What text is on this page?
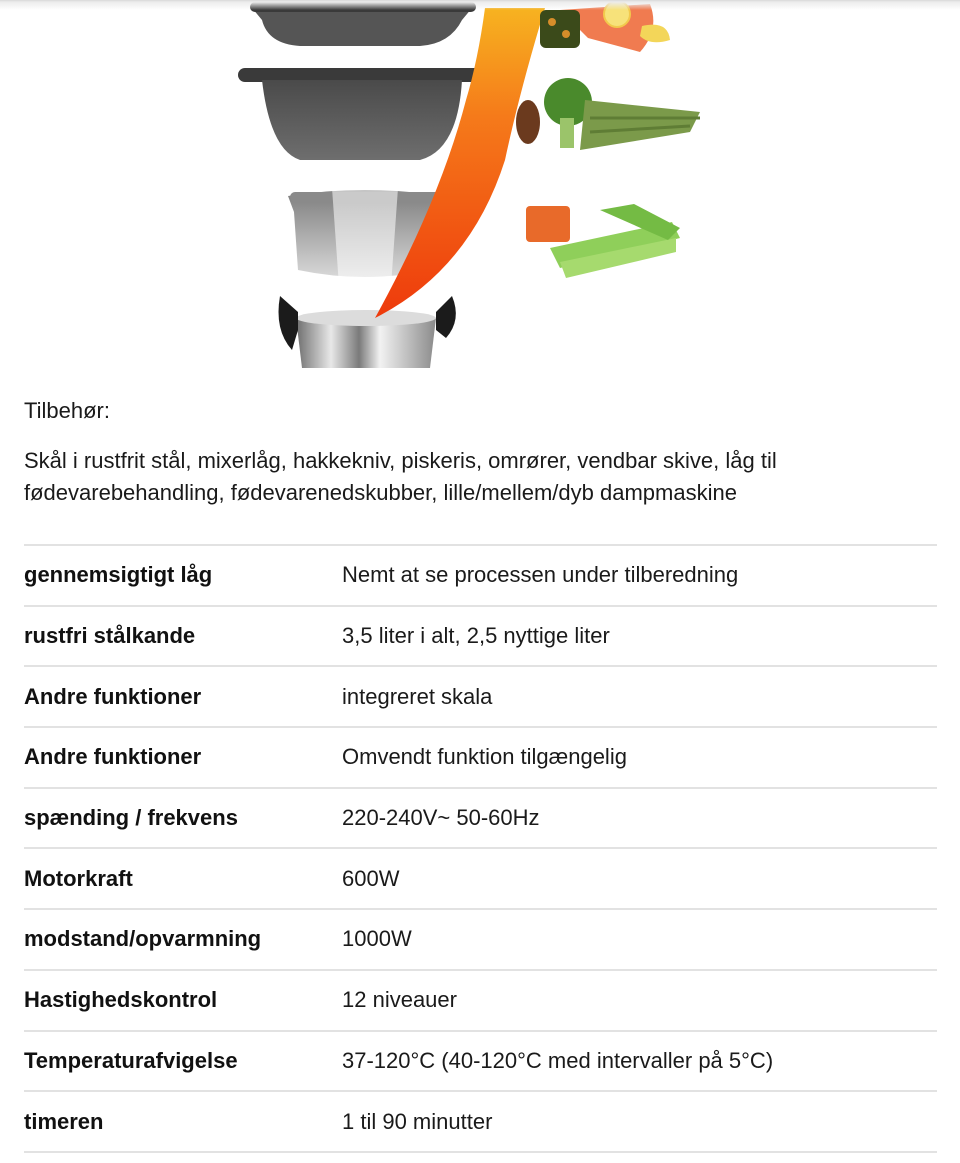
Tilbehør:
Skål i rustfrit stål, mixerlåg, hakkekniv, piskeris, omrører, vendbar skive, låg til fødevarebehandling, fødevarenedskubber, lille/mellem/dyb dampmaskine
gennemsigtigt låg	Nemt at se processen under tilberedning
rustfri stålkande	3,5 liter i alt, 2,5 nyttige liter
Andre funktioner	integreret skala
Andre funktioner	Omvendt funktion tilgængelig
spænding / frekvens	220-240V~ 50-60Hz
Motorkraft	600W
modstand/opvarmning	1000W
Hastighedskontrol	12 niveauer
Temperaturafvigelse	37-120°C (40-120°C med intervaller på 5°C)
timeren	1 til 90 minutter
